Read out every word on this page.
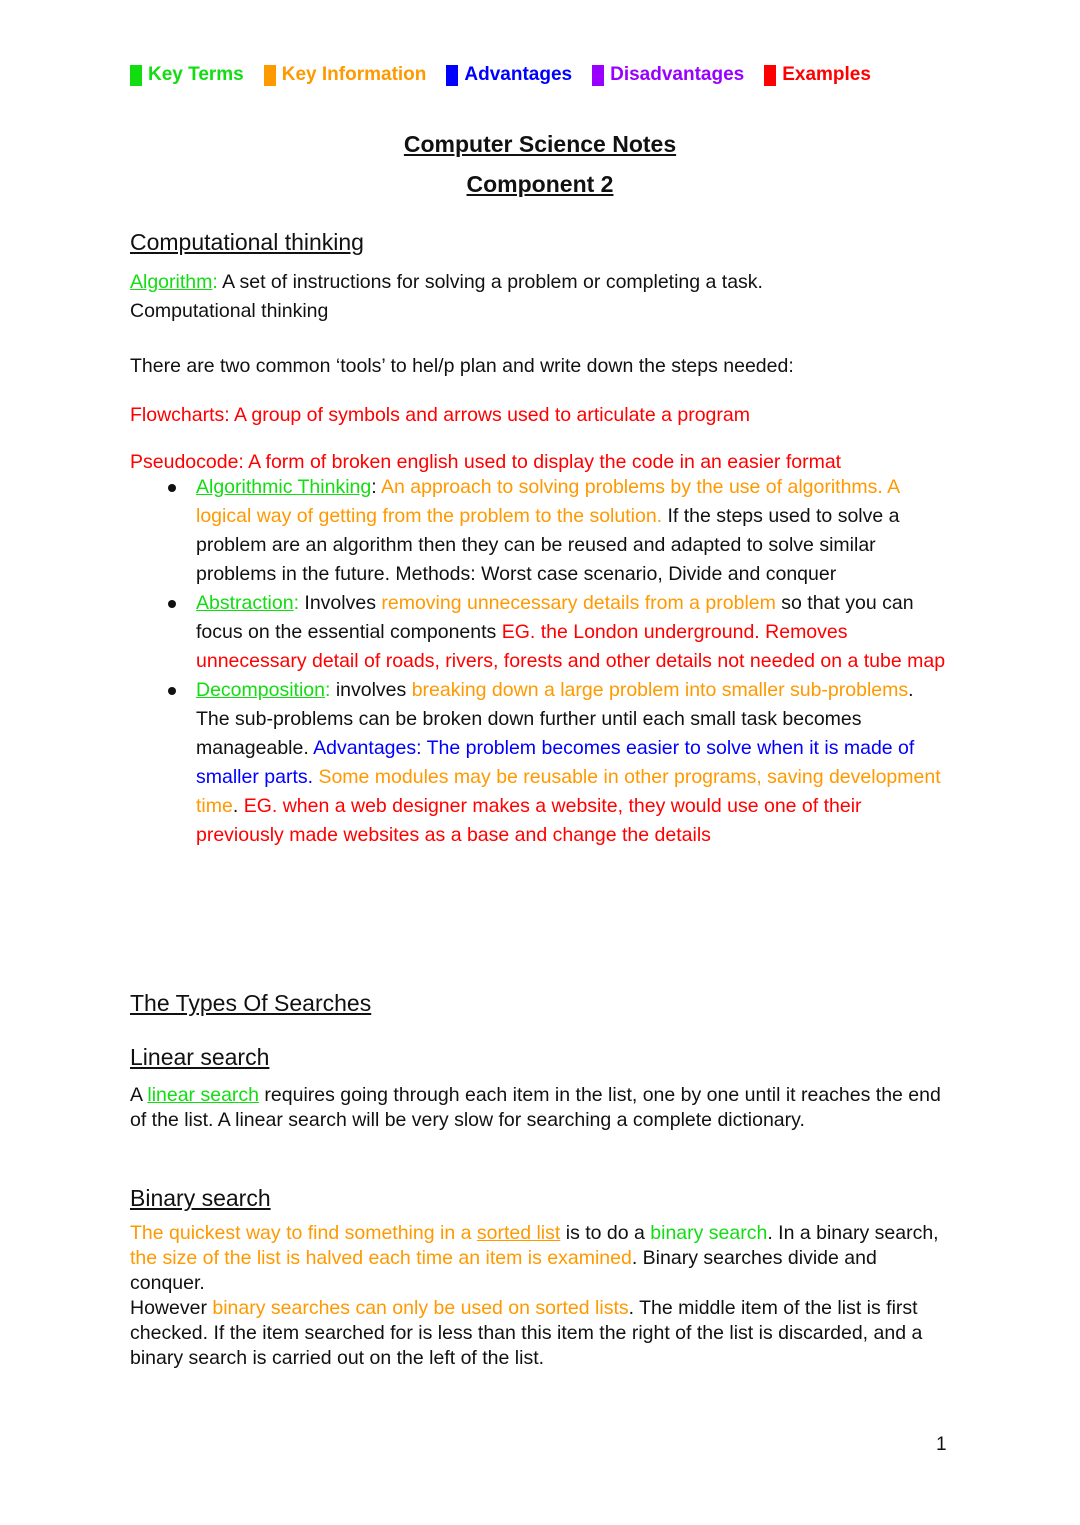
Key Terms Key Information Advantages Disadvantages Examples
Computer Science Notes
Component 2
Computational thinking
Algorithm: A set of instructions for solving a problem or completing a task.
Computational thinking
There are two common ‘tools’ to hel/p plan and write down the steps needed:
Flowcharts: A group of symbols and arrows used to articulate a program
Pseudocode: A form of broken english used to display the code in an easier format
Algorithmic Thinking: An approach to solving problems by the use of algorithms. A logical way of getting from the problem to the solution. If the steps used to solve a problem are an algorithm then they can be reused and adapted to solve similar problems in the future. Methods: Worst case scenario, Divide and conquer
Abstraction: Involves removing unnecessary details from a problem so that you can focus on the essential components EG. the London underground. Removes unnecessary detail of roads, rivers, forests and other details not needed on a tube map
Decomposition: involves breaking down a large problem into smaller sub-problems. The sub-problems can be broken down further until each small task becomes manageable. Advantages: The problem becomes easier to solve when it is made of smaller parts. Some modules may be reusable in other programs, saving development time. EG. when a web designer makes a website, they would use one of their previously made websites as a base and change the details
The Types Of Searches
Linear search
A linear search requires going through each item in the list, one by one until it reaches the end of the list. A linear search will be very slow for searching a complete dictionary.
Binary search
The quickest way to find something in a sorted list is to do a binary search. In a binary search, the size of the list is halved each time an item is examined. Binary searches divide and conquer.
However binary searches can only be used on sorted lists. The middle item of the list is first checked. If the item searched for is less than this item the right of the list is discarded, and a binary search is carried out on the left of the list.
1
